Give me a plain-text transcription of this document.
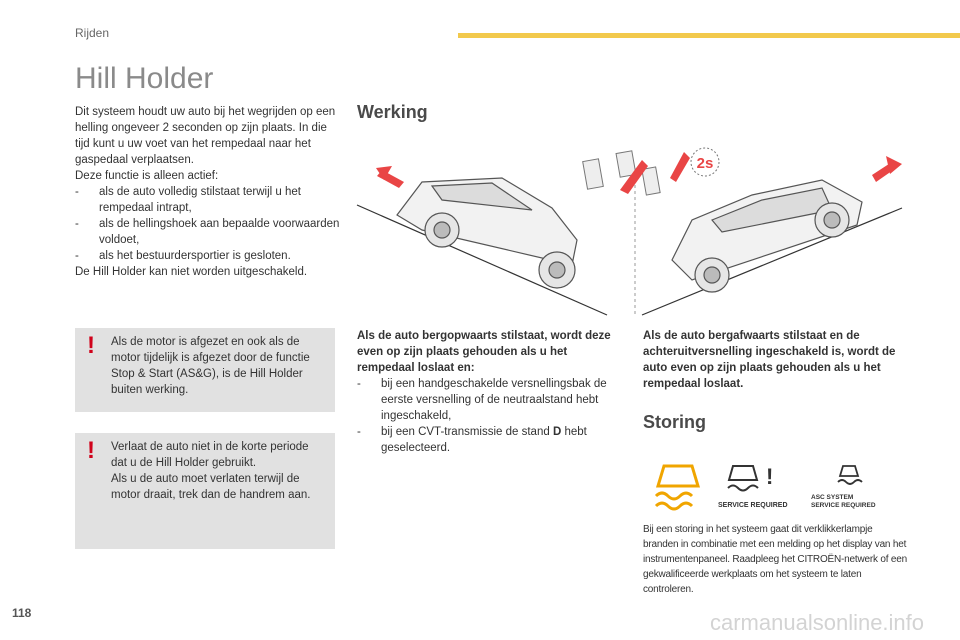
Rijden
Hill Holder

Dit systeem houdt uw auto bij het wegrijden op een helling ongeveer 2 seconden op zijn plaats. In die tijd kunt u uw voet van het rempedaal naar het gaspedaal verplaatsen.

Deze functie is alleen actief:

-	als de auto volledig stilstaat terwijl u het rempedaal intrapt,
-	als de hellingshoek aan bepaalde voorwaarden voldoet,
-	als het bestuurdersportier is gesloten.

De Hill Holder kan niet worden uitgeschakeld.

! Als de motor is afgezet en ook als de motor tijdelijk is afgezet door de functie Stop & Start (AS&G), is de Hill Holder buiten werking.

! Verlaat de auto niet in de korte periode dat u de Hill Holder gebruikt.

Als u de auto moet verlaten terwijl de motor draait, trek dan de handrem aan.

Werking
2s

Als de auto bergopwaarts stilstaat, wordt deze even op zijn plaats gehouden als u het rempedaal loslaat en:

-	bij een handgeschakelde versnellingsbak de eerste versnelling of de neutraalstand hebt ingeschakeld,
-	bij een CVT-transmissie de stand D hebt geselecteerd.
Als de auto bergafwaarts stilstaat en de achteruitversnelling ingeschakeld is, wordt de auto even op zijn plaats gehouden als u het rempedaal loslaat.
Storing
!
SERVICE REQUIRED
ASC SYSTEM
SERVICE REQUIRED
Bij een storing in het systeem gaat dit verklikkerlampje branden in combinatie met een melding op het display van het instrumentenpaneel. Raadpleeg het CITROËN-netwerk of een gekwalificeerde werkplaats om het systeem te laten controleren.
118	carmanualsonline.info
